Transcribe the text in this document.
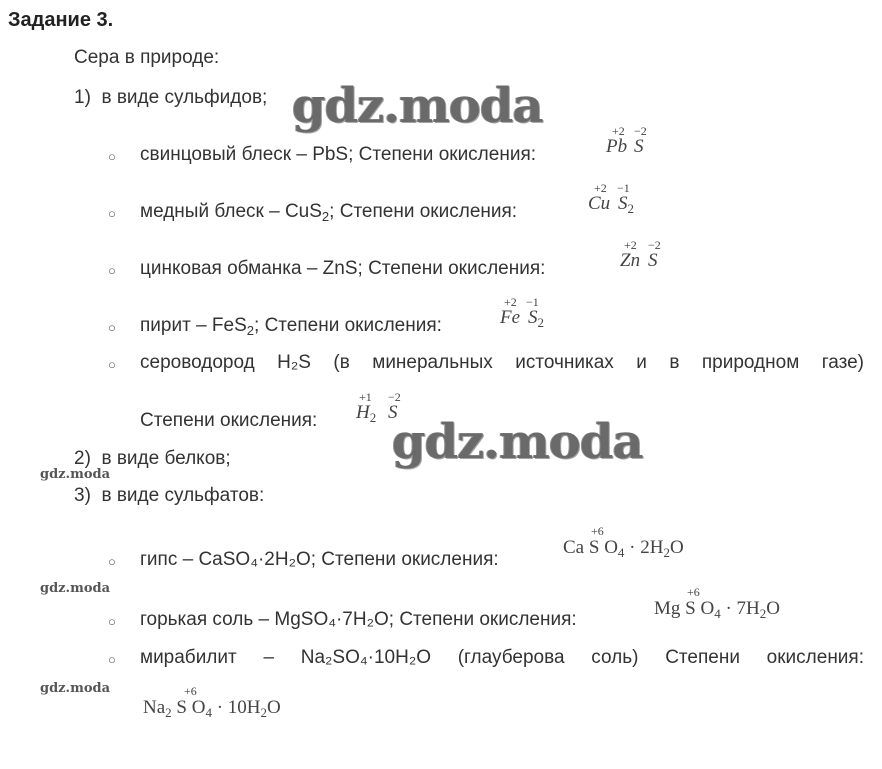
Задание 3.
Сера в природе:
1) в виде сульфидов;
○ свинцовый блеск – PbS; Степени окисления:
+2 −2
Pb S
○ медный блеск – CuS$_2$; Степени окисления:
+2 −1
Cu $S_2$
○ цинковая обманка – ZnS; Степени окисления:
+2 −2
Zn S
○ пирит – FeS$_2$; Степени окисления:
+2 −1
Fe $S_2$
○ сероводород H₂S (в минеральных источниках и в природном газе)
Степени окисления:
+1 −2
$H_2$ S
2) в виде белков;
3) в виде сульфатов:
○ гипс – CaSO₄·2H₂O; Степени окисления:
+6
Ca S $O_4 \cdot 2H_2O$
○ горькая соль – MgSO₄·7H₂O; Степени окисления:
+6
Mg S $O_4 \cdot 7H_2O$
○ мирабилит – Na₂SO₄·10H₂O (глауберова соль) Степени окисления:
+6
$Na_2$ S $O_4 \cdot 10H_2O$
gdz.moda
gdz.moda
gdz.moda
gdz.moda
gdz.moda
